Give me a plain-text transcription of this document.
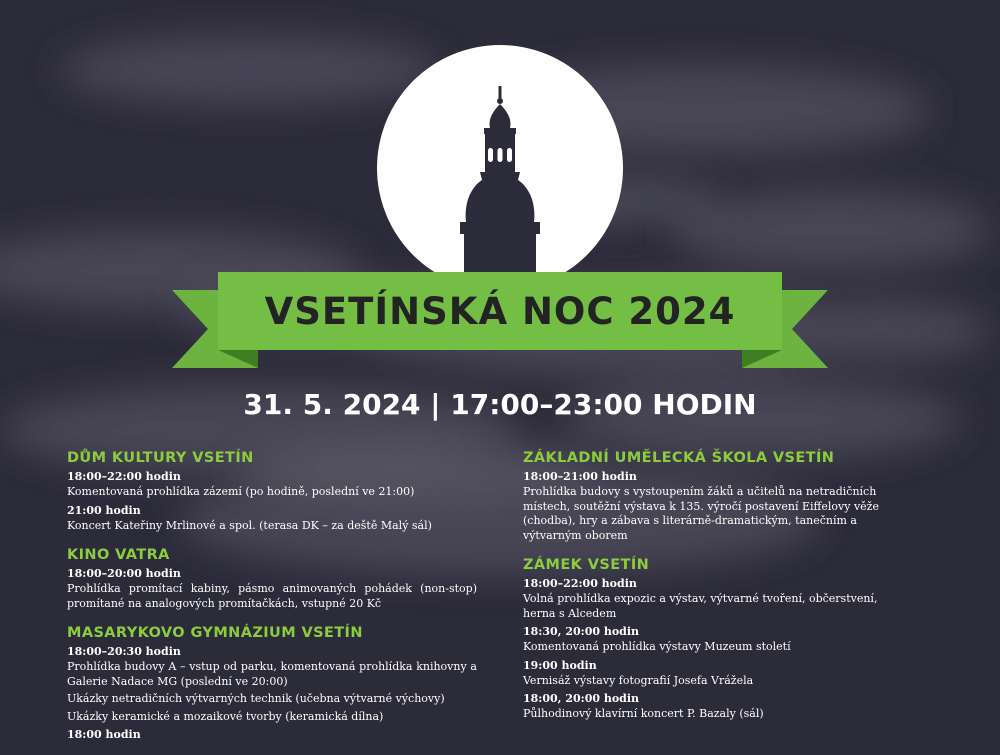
VSETÍNSKÁ NOC 2024
31. 5. 2024 | 17:00–23:00 HODIN
DŮM KULTURY VSETÍN
18:00–22:00 hodin
Komentovaná prohlídka zázemí (po hodině, poslední ve 21:00)
21:00 hodin
Koncert Kateřiny Mrlinové a spol. (terasa DK – za deště Malý sál)
KINO VATRA
18:00–20:00 hodin
Prohlídka promítací kabiny, pásmo animovaných pohádek (non-stop) promítané na analogových promítačkách, vstupné 20 Kč
MASARYKOVO GYMNÁZIUM VSETÍN
18:00–20:30 hodin
Prohlídka budovy A – vstup od parku, komentovaná prohlídka knihovny a Galerie Nadace MG (poslední ve 20:00)
Ukázky netradičních výtvarných technik (učebna výtvarné výchovy)
Ukázky keramické a mozaikové tvorby (keramická dílna)
18:00 hodin
ZÁKLADNÍ UMĚLECKÁ ŠKOLA VSETÍN
18:00–21:00 hodin
Prohlídka budovy s vystoupením žáků a učitelů na netradičních místech, soutěžní výstava k 135. výročí postavení Eiffelovy věže (chodba), hry a zábava s literárně-dramatickým, tanečním a výtvarným oborem
ZÁMEK VSETÍN
18:00–22:00 hodin
Volná prohlídka expozic a výstav, výtvarné tvoření, občerstvení, herna s Alcedem
18:30, 20:00 hodin
Komentovaná prohlídka výstavy Muzeum století
19:00 hodin
Vernisáž výstavy fotografií Josefa Vrážela
18:00, 20:00 hodin
Půlhodinový klavírní koncert P. Bazaly (sál)
